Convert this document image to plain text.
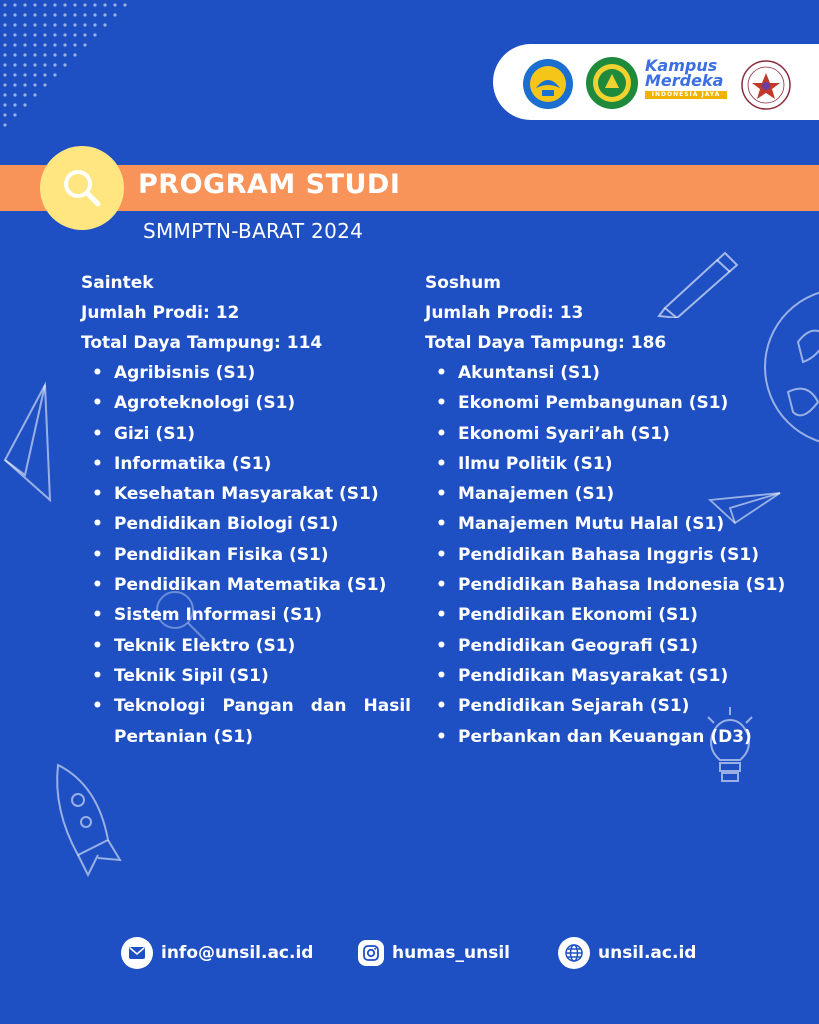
Kampus
Merdeka
INDONESIA JAYA
PROGRAM STUDI
SMMPTN-BARAT 2024
Saintek
Jumlah Prodi: 12
Total Daya Tampung: 114
• Agribisnis (S1)
• Agroteknologi (S1)
• Gizi (S1)
• Informatika (S1)
• Kesehatan Masyarakat (S1)
• Pendidikan Biologi (S1)
• Pendidikan Fisika (S1)
• Pendidikan Matematika (S1)
• Sistem Informasi (S1)
• Teknik Elektro (S1)
• Teknik Sipil (S1)
• Teknologi Pangan dan Hasil Pertanian (S1)
Soshum
Jumlah Prodi: 13
Total Daya Tampung: 186
• Akuntansi (S1)
• Ekonomi Pembangunan (S1)
• Ekonomi Syari’ah (S1)
• Ilmu Politik (S1)
• Manajemen (S1)
• Manajemen Mutu Halal (S1)
• Pendidikan Bahasa Inggris (S1)
• Pendidikan Bahasa Indonesia (S1)
• Pendidikan Ekonomi (S1)
• Pendidikan Geografi (S1)
• Pendidikan Masyarakat (S1)
• Pendidikan Sejarah (S1)
• Perbankan dan Keuangan (D3)
info@unsil.ac.id	humas_unsil	unsil.ac.id
